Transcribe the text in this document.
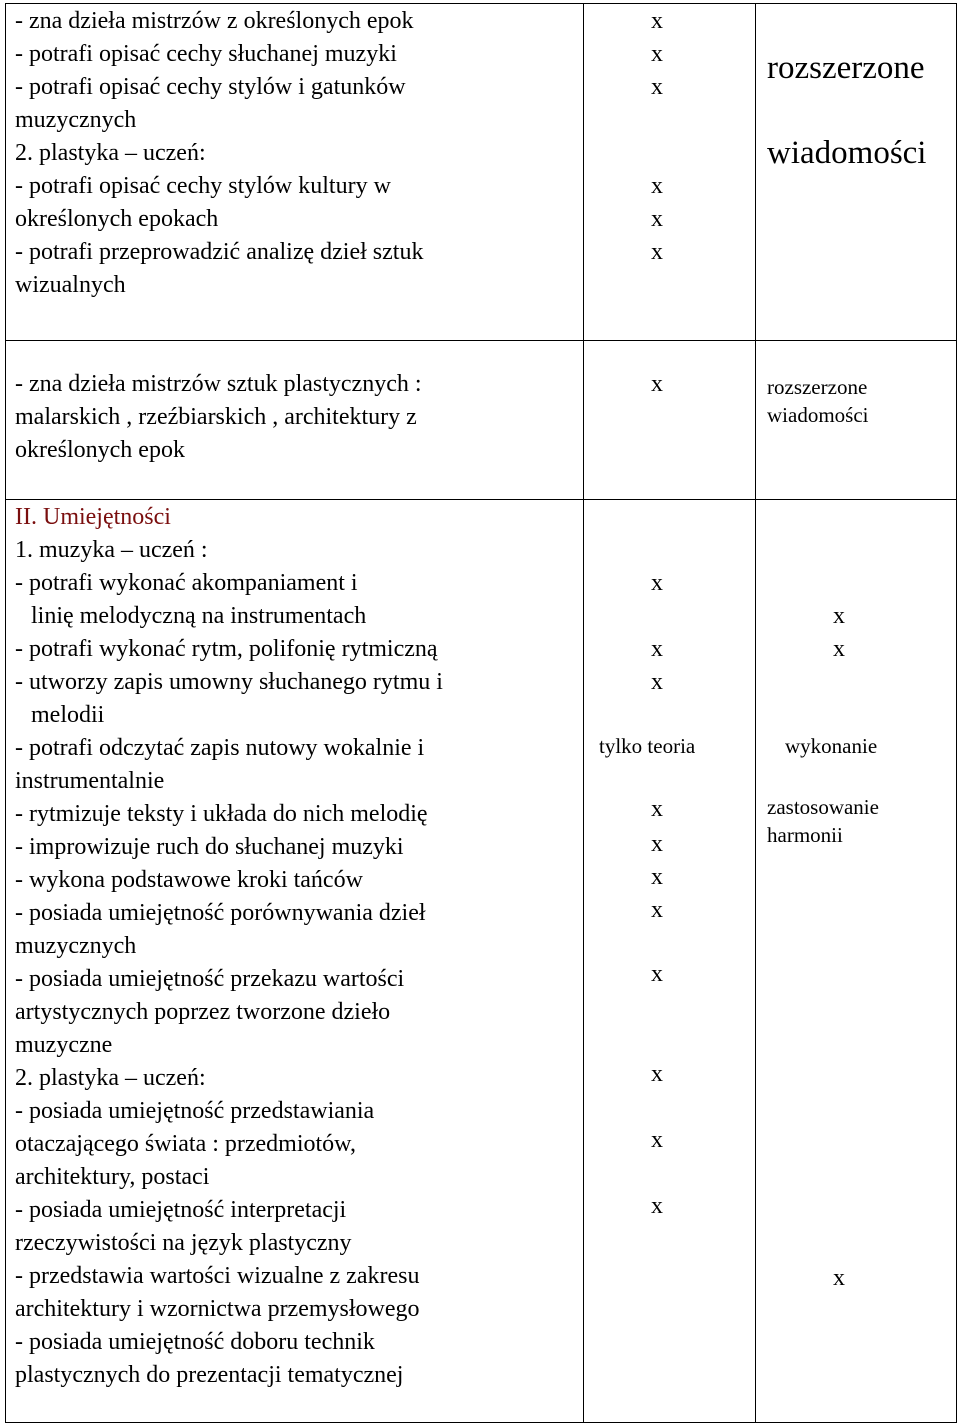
- zna dzieła mistrzów z określonych epok
- potrafi opisać cechy słuchanej muzyki
- potrafi opisać cechy stylów i gatunków
muzycznych
2. plastyka – uczeń:
- potrafi opisać cechy stylów kultury w
określonych epokach
- potrafi przeprowadzić analizę dzieł sztuk
wizualnych
x
x
x
x
x
x
rozszerzone
wiadomości
- zna dzieła mistrzów sztuk plastycznych :
malarskich , rzeźbiarskich , architektury z
określonych epok
x	rozszerzone
wiadomości
II. Umiejętności
1. muzyka – uczeń :
- potrafi wykonać akompaniament i
linię melodyczną na instrumentach
- potrafi wykonać rytm, polifonię rytmiczną
- utworzy zapis umowny słuchanego rytmu i
melodii
- potrafi odczytać zapis nutowy wokalnie i
instrumentalnie
- rytmizuje teksty i układa do nich melodię
- improwizuje ruch do słuchanej muzyki
- wykona podstawowe kroki tańców
- posiada umiejętność porównywania dzieł
muzycznych
- posiada umiejętność przekazu wartości
artystycznych poprzez tworzone dzieło
muzyczne
2. plastyka – uczeń:
- posiada umiejętność przedstawiania
otaczającego świata : przedmiotów,
architektury, postaci
- posiada umiejętność interpretacji
rzeczywistości na język plastyczny
- przedstawia wartości wizualne z zakresu
architektury i wzornictwa przemysłowego
- posiada umiejętność doboru technik
plastycznych do prezentacji tematycznej
x
x
x
tylko teoria
x
x
x
x
x
x
x
x
x
x
wykonanie
zastosowanie
harmonii
x
